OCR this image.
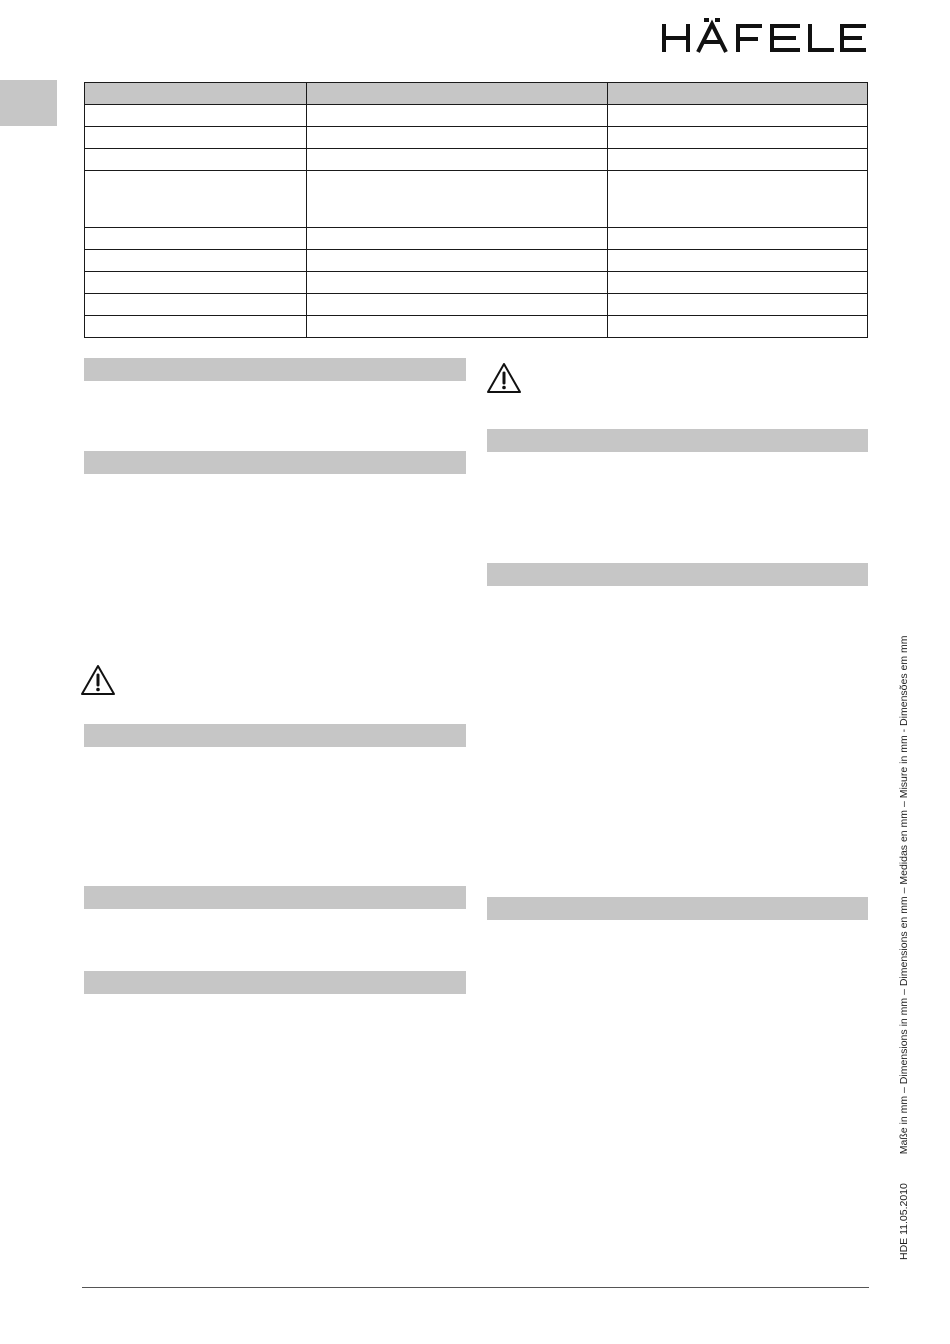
HDE 11.05.2010 Maße in mm – Dimensions in mm – Dimensions en mm – Medidas en mm – Misure in mm - Dimensões em mm
